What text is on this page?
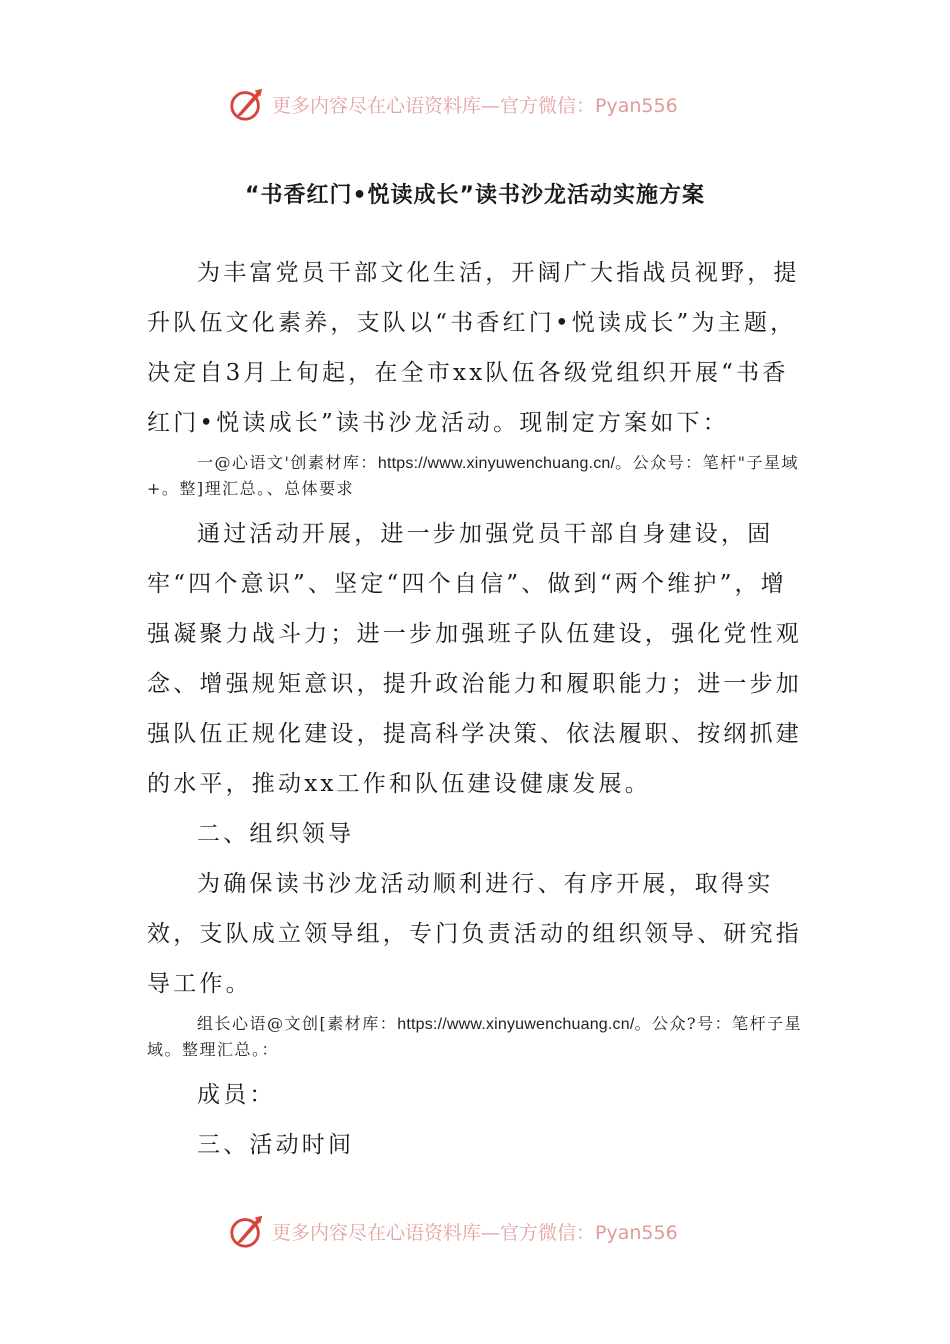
更多内容尽在心语资料库—官方微信：Pyan556
“书香红门•悦读成长”读书沙龙活动实施方案

为丰富党员干部文化生活，开阔广大指战员视野，提升队伍文化素养，支队以“书香红门•悦读成长”为主题，决定自3月上旬起，在全市xx队伍各级党组织开展“书香红门•悦读成长”读书沙龙活动。现制定方案如下：

一@心语文'创素材库：https://www.xinyuwenchuang.cn/。公众号：笔杆"子星域+。整]理汇总。、总体要求

通过活动开展，进一步加强党员干部自身建设，固牢“四个意识”、坚定“四个自信”、做到“两个维护”，增强凝聚力战斗力；进一步加强班子队伍建设，强化党性观念、增强规矩意识，提升政治能力和履职能力；进一步加强队伍正规化建设，提高科学决策、依法履职、按纲抓建的水平，推动xx工作和队伍建设健康发展。

二、组织领导

为确保读书沙龙活动顺利进行、有序开展，取得实效，支队成立领导组，专门负责活动的组织领导、研究指导工作。

组长心语@文创[素材库：https://www.xinyuwenchuang.cn/。公众?号：笔杆子星域。整理汇总。：

成员：

三、活动时间

更多内容尽在心语资料库—官方微信：Pyan556
